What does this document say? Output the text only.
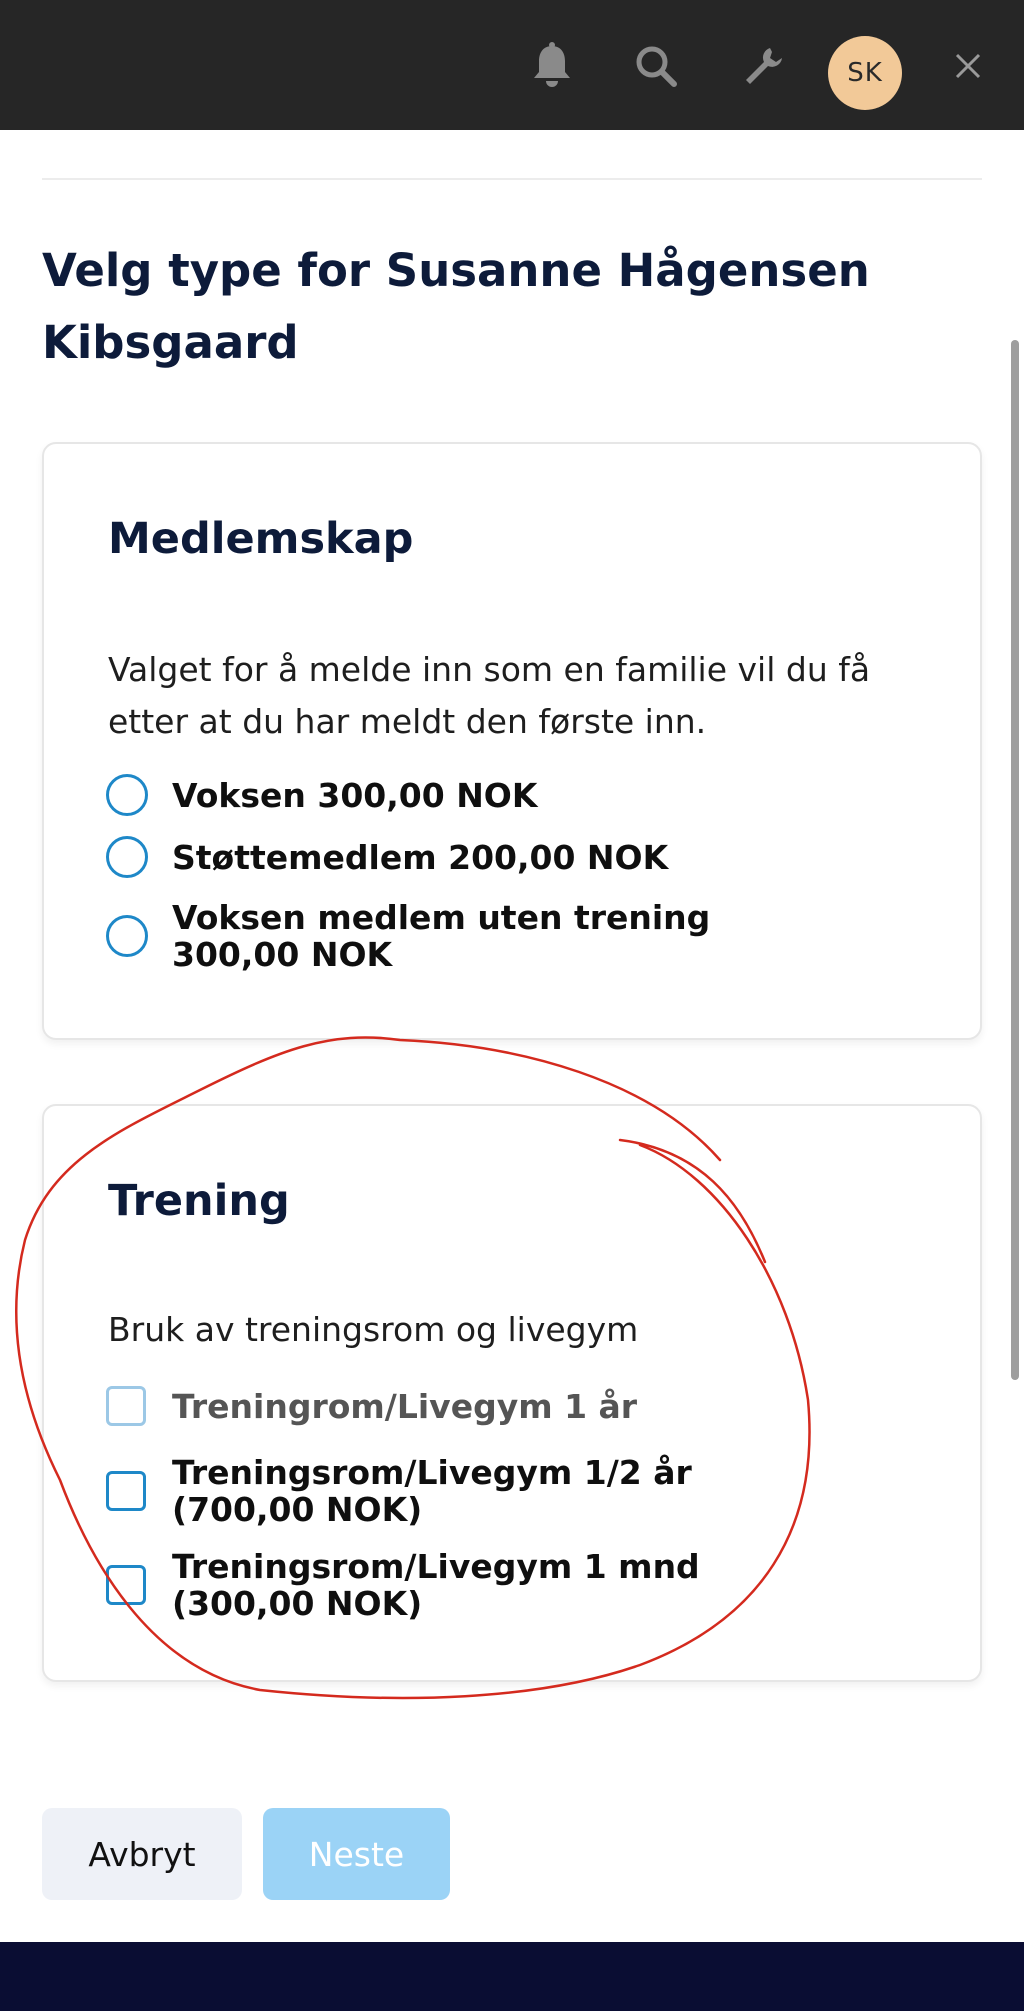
SK
Velg type for Susanne Hågensen Kibsgaard
Medlemskap
Valget for å melde inn som en familie vil du få etter at du har meldt den første inn.
Voksen 300,00 NOK
Støttemedlem 200,00 NOK
Voksen medlem uten trening
300,00 NOK
Trening
Bruk av treningsrom og livegym
Treningrom/Livegym 1 år
Treningsrom/Livegym 1/2 år
(700,00 NOK)
Treningsrom/Livegym 1 mnd
(300,00 NOK)
Avbryt	Neste
